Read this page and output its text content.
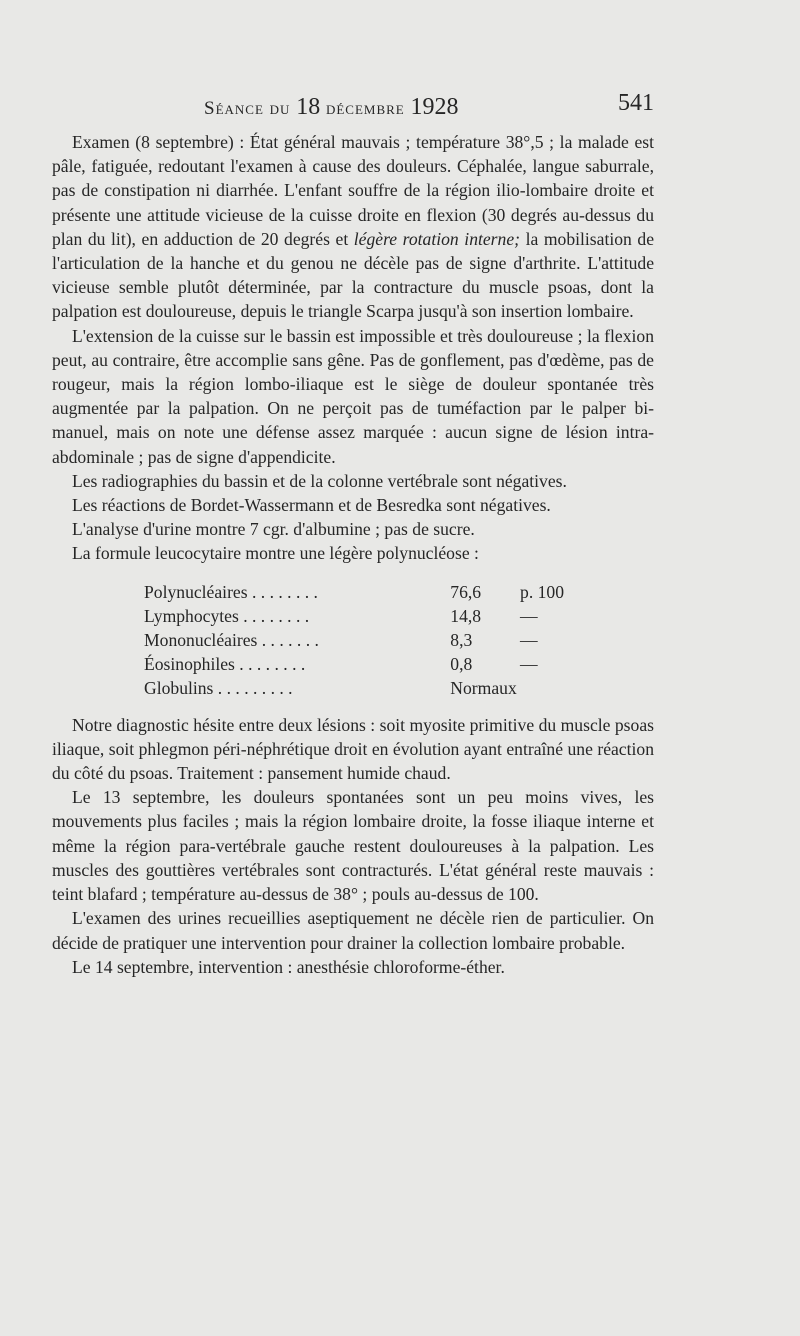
Séance du 18 décembre 1928	541

Examen (8 septembre) : État général mauvais ; température 38°,5 ; la malade est pâle, fatiguée, redoutant l'examen à cause des douleurs. Céphalée, langue saburrale, pas de constipation ni diarrhée. L'enfant souffre de la région ilio-lombaire droite et présente une attitude vicieuse de la cuisse droite en flexion (30 degrés au-dessus du plan du lit), en adduction de 20 degrés et légère rotation interne; la mobilisation de l'articulation de la hanche et du genou ne décèle pas de signe d'arthrite. L'attitude vicieuse semble plutôt déterminée, par la contracture du muscle psoas, dont la palpation est douloureuse, depuis le triangle Scarpa jusqu'à son insertion lombaire.

L'extension de la cuisse sur le bassin est impossible et très douloureuse ; la flexion peut, au contraire, être accomplie sans gêne. Pas de gonflement, pas d'œdème, pas de rougeur, mais la région lombo-iliaque est le siège de douleur spontanée très augmentée par la palpation. On ne perçoit pas de tuméfaction par le palper bi-manuel, mais on note une défense assez marquée : aucun signe de lésion intra-abdominale ; pas de signe d'appendicite.

Les radiographies du bassin et de la colonne vertébrale sont négatives.

Les réactions de Bordet-Wassermann et de Besredka sont négatives.

L'analyse d'urine montre 7 cgr. d'albumine ; pas de sucre.

La formule leucocytaire montre une légère polynucléose :

Polynucléaires . . . . . . . .	76,6	p. 100
Lymphocytes . . . . . . . .	14,8	—
Mononucléaires . . . . . . .	8,3	—
Éosinophiles . . . . . . . .	0,8	—
Globulins . . . . . . . . .	Normaux	

Notre diagnostic hésite entre deux lésions : soit myosite primitive du muscle psoas iliaque, soit phlegmon péri-néphrétique droit en évolution ayant entraîné une réaction du côté du psoas. Traitement : pansement humide chaud.

Le 13 septembre, les douleurs spontanées sont un peu moins vives, les mouvements plus faciles ; mais la région lombaire droite, la fosse iliaque interne et même la région para-vertébrale gauche restent douloureuses à la palpation. Les muscles des gouttières vertébrales sont contracturés. L'état général reste mauvais : teint blafard ; température au-dessus de 38° ; pouls au-dessus de 100.

L'examen des urines recueillies aseptiquement ne décèle rien de particulier. On décide de pratiquer une intervention pour drainer la collection lombaire probable.

Le 14 septembre, intervention : anesthésie chloroforme-éther.
